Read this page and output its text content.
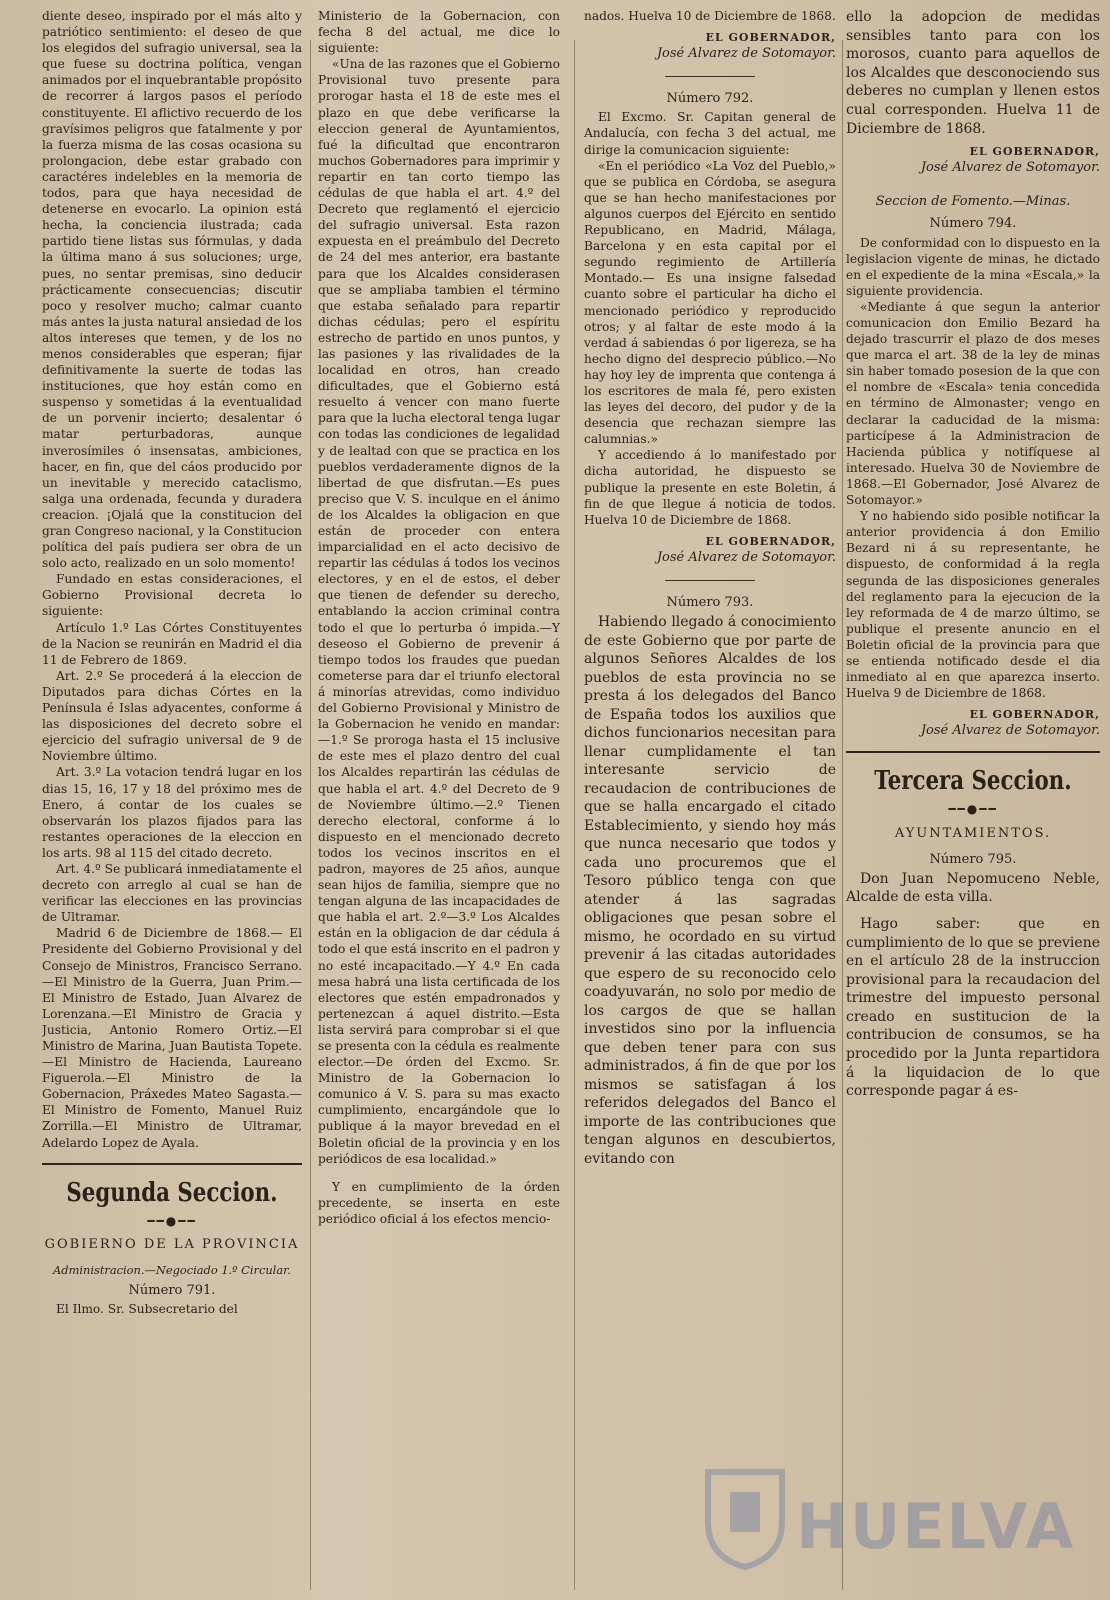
diente deseo, inspirado por el más alto y patriótico sentimiento: el deseo de que los elegidos del sufragio universal, sea la que fuese su doctrina política, vengan animados por el inquebrantable propósito de recorrer á largos pasos el período constituyente. El aflictivo recuerdo de los gravísimos peligros que fatalmente y por la fuerza misma de las cosas ocasiona su prolongacion, debe estar grabado con caractéres indelebles en la memoria de todos, para que haya necesidad de detenerse en evocarlo. La opinion está hecha, la conciencia ilustrada; cada partido tiene listas sus fórmulas, y dada la última mano á sus soluciones; urge, pues, no sentar premisas, sino deducir prácticamente consecuencias; discutir poco y resolver mucho; calmar cuanto más antes la justa natural ansiedad de los altos intereses que temen, y de los no menos considerables que esperan; fijar definitivamente la suerte de todas las instituciones, que hoy están como en suspenso y sometidas á la eventualidad de un porvenir incierto; desalentar ó matar perturbadoras, aunque inverosímiles ó insensatas, ambiciones, hacer, en fin, que del cáos producido por un inevitable y merecido cataclismo, salga una ordenada, fecunda y duradera creacion. ¡Ojalá que la constitucion del gran Congreso nacional, y la Constitucion política del país pudiera ser obra de un solo acto, realizado en un solo momento!

Fundado en estas consideraciones, el Gobierno Provisional decreta lo siguiente:

Artículo 1.º Las Córtes Constituyentes de la Nacion se reunirán en Madrid el dia 11 de Febrero de 1869.

Art. 2.º Se procederá á la eleccion de Diputados para dichas Córtes en la Península é Islas adyacentes, conforme á las disposiciones del decreto sobre el ejercicio del sufragio universal de 9 de Noviembre último.

Art. 3.º La votacion tendrá lugar en los dias 15, 16, 17 y 18 del próximo mes de Enero, á contar de los cuales se observarán los plazos fijados para las restantes operaciones de la eleccion en los arts. 98 al 115 del citado decreto.

Art. 4.º Se publicará inmediatamente el decreto con arreglo al cual se han de verificar las elecciones en las provincias de Ultramar.

Madrid 6 de Diciembre de 1868.— El Presidente del Gobierno Provisional y del Consejo de Ministros, Francisco Serrano.—El Ministro de la Guerra, Juan Prim.—El Ministro de Estado, Juan Alvarez de Lorenzana.—El Ministro de Gracia y Justicia, Antonio Romero Ortiz.—El Ministro de Marina, Juan Bautista Topete.—El Ministro de Hacienda, Laureano Figuerola.—El Ministro de la Gobernacion, Práxedes Mateo Sagasta.—El Ministro de Fomento, Manuel Ruiz Zorrilla.—El Ministro de Ultramar, Adelardo Lopez de Ayala.

Segunda Seccion.
━━●━━
GOBIERNO DE LA PROVINCIA

Administracion.—Negociado 1.º Circular.

Número 791.

El Ilmo. Sr. Subsecretario del

Ministerio de la Gobernacion, con fecha 8 del actual, me dice lo siguiente:

«Una de las razones que el Gobierno Provisional tuvo presente para prorogar hasta el 18 de este mes el plazo en que debe verificarse la eleccion general de Ayuntamientos, fué la dificultad que encontraron muchos Gobernadores para imprimir y repartir en tan corto tiempo las cédulas de que habla el art. 4.º del Decreto que reglamentó el ejercicio del sufragio universal. Esta razon expuesta en el preámbulo del Decreto de 24 del mes anterior, era bastante para que los Alcaldes considerasen que se ampliaba tambien el término que estaba señalado para repartir dichas cédulas; pero el espíritu estrecho de partido en unos puntos, y las pasiones y las rivalidades de la localidad en otros, han creado dificultades, que el Gobierno está resuelto á vencer con mano fuerte para que la lucha electoral tenga lugar con todas las condiciones de legalidad y de lealtad con que se practica en los pueblos verdaderamente dignos de la libertad de que disfrutan.—Es pues preciso que V. S. inculque en el ánimo de los Alcaldes la obligacion en que están de proceder con entera imparcialidad en el acto decisivo de repartir las cédulas á todos los vecinos electores, y en el de estos, el deber que tienen de defender su derecho, entablando la accion criminal contra todo el que lo perturba ó impida.—Y deseoso el Gobierno de prevenir á tiempo todos los fraudes que puedan cometerse para dar el triunfo electoral á minorías atrevidas, como individuo del Gobierno Provisional y Ministro de la Gobernacion he venido en mandar:—1.º Se proroga hasta el 15 inclusive de este mes el plazo dentro del cual los Alcaldes repartirán las cédulas de que habla el art. 4.º del Decreto de 9 de Noviembre último.—2.º Tienen derecho electoral, conforme á lo dispuesto en el mencionado decreto todos los vecinos inscritos en el padron, mayores de 25 años, aunque sean hijos de familia, siempre que no tengan alguna de las incapacidades de que habla el art. 2.º—3.º Los Alcaldes están en la obligacion de dar cédula á todo el que está inscrito en el padron y no esté incapacitado.—Y 4.º En cada mesa habrá una lista certificada de los electores que estén empadronados y pertenezcan á aquel distrito.—Esta lista servirá para comprobar si el que se presenta con la cédula es realmente elector.—De órden del Excmo. Sr. Ministro de la Gobernacion lo comunico á V. S. para su mas exacto cumplimiento, encargándole que lo publique á la mayor brevedad en el Boletin oficial de la provincia y en los periódicos de esa localidad.»

Y en cumplimiento de la órden precedente, se inserta en este periódico oficial á los efectos mencio-

nados. Huelva 10 de Diciembre de 1868.

EL GOBERNADOR,

José Alvarez de Sotomayor.

Número 792.

El Excmo. Sr. Capitan general de Andalucía, con fecha 3 del actual, me dirige la comunicacion siguiente:

«En el periódico «La Voz del Pueblo,» que se publica en Córdoba, se asegura que se han hecho manifestaciones por algunos cuerpos del Ejército en sentido Republicano, en Madrid, Málaga, Barcelona y en esta capital por el segundo regimiento de Artillería Montado.— Es una insigne falsedad cuanto sobre el particular ha dicho el mencionado periódico y reproducido otros; y al faltar de este modo á la verdad á sabiendas ó por ligereza, se ha hecho digno del desprecio público.—No hay hoy ley de imprenta que contenga á los escritores de mala fé, pero existen las leyes del decoro, del pudor y de la desencia que rechazan siempre las calumnias.»

Y accediendo á lo manifestado por dicha autoridad, he dispuesto se publique la presente en este Boletin, á fin de que llegue á noticia de todos. Huelva 10 de Diciembre de 1868.

EL GOBERNADOR,

José Alvarez de Sotomayor.

Número 793.

Habiendo llegado á conocimiento de este Gobierno que por parte de algunos Señores Alcaldes de los pueblos de esta provincia no se presta á los delegados del Banco de España todos los auxilios que dichos funcionarios necesitan para llenar cumplidamente el tan interesante servicio de recaudacion de contribuciones de que se halla encargado el citado Establecimiento, y siendo hoy más que nunca necesario que todos y cada uno procuremos que el Tesoro público tenga con que atender á las sagradas obligaciones que pesan sobre el mismo, he ocordado en su virtud prevenir á las citadas autoridades que espero de su reconocido celo coadyuvarán, no solo por medio de los cargos de que se hallan investidos sino por la influencia que deben tener para con sus administrados, á fin de que por los mismos se satisfagan á los referidos delegados del Banco el importe de las contribuciones que tengan algunos en descubiertos, evitando con

ello la adopcion de medidas sensibles tanto para con los morosos, cuanto para aquellos de los Alcaldes que desconociendo sus deberes no cumplan y llenen estos cual corresponden. Huelva 11 de Diciembre de 1868.

EL GOBERNADOR,

José Alvarez de Sotomayor.

Seccion de Fomento.—Minas.

Número 794.

De conformidad con lo dispuesto en la legislacion vigente de minas, he dictado en el expediente de la mina «Escala,» la siguiente providencia.

«Mediante á que segun la anterior comunicacion don Emilio Bezard ha dejado trascurrir el plazo de dos meses que marca el art. 38 de la ley de minas sin haber tomado posesion de la que con el nombre de «Escala» tenia concedida en término de Almonaster; vengo en declarar la caducidad de la misma: particípese á la Administracion de Hacienda pública y notifíquese al interesado. Huelva 30 de Noviembre de 1868.—El Gobernador, José Alvarez de Sotomayor.»

Y no habiendo sido posible notificar la anterior providencia á don Emilio Bezard ni á su representante, he dispuesto, de conformidad á la regla segunda de las disposiciones generales del reglamento para la ejecucion de la ley reformada de 4 de marzo último, se publique el presente anuncio en el Boletin oficial de la provincia para que se entienda notificado desde el dia inmediato al en que aparezca inserto. Huelva 9 de Diciembre de 1868.

EL GOBERNADOR,

José Alvarez de Sotomayor.

Tercera Seccion.
━━●━━
AYUNTAMIENTOS.

Número 795.

Don Juan Nepomuceno Neble, Alcalde de esta villa.

Hago saber: que en cumplimiento de lo que se previene en el artículo 28 de la instruccion provisional para la recaudacion del trimestre del impuesto personal creado en sustitucion de la contribucion de consumos, se ha procedido por la Junta repartidora á la liquidacion de lo que corresponde pagar á es-

HUELVA
